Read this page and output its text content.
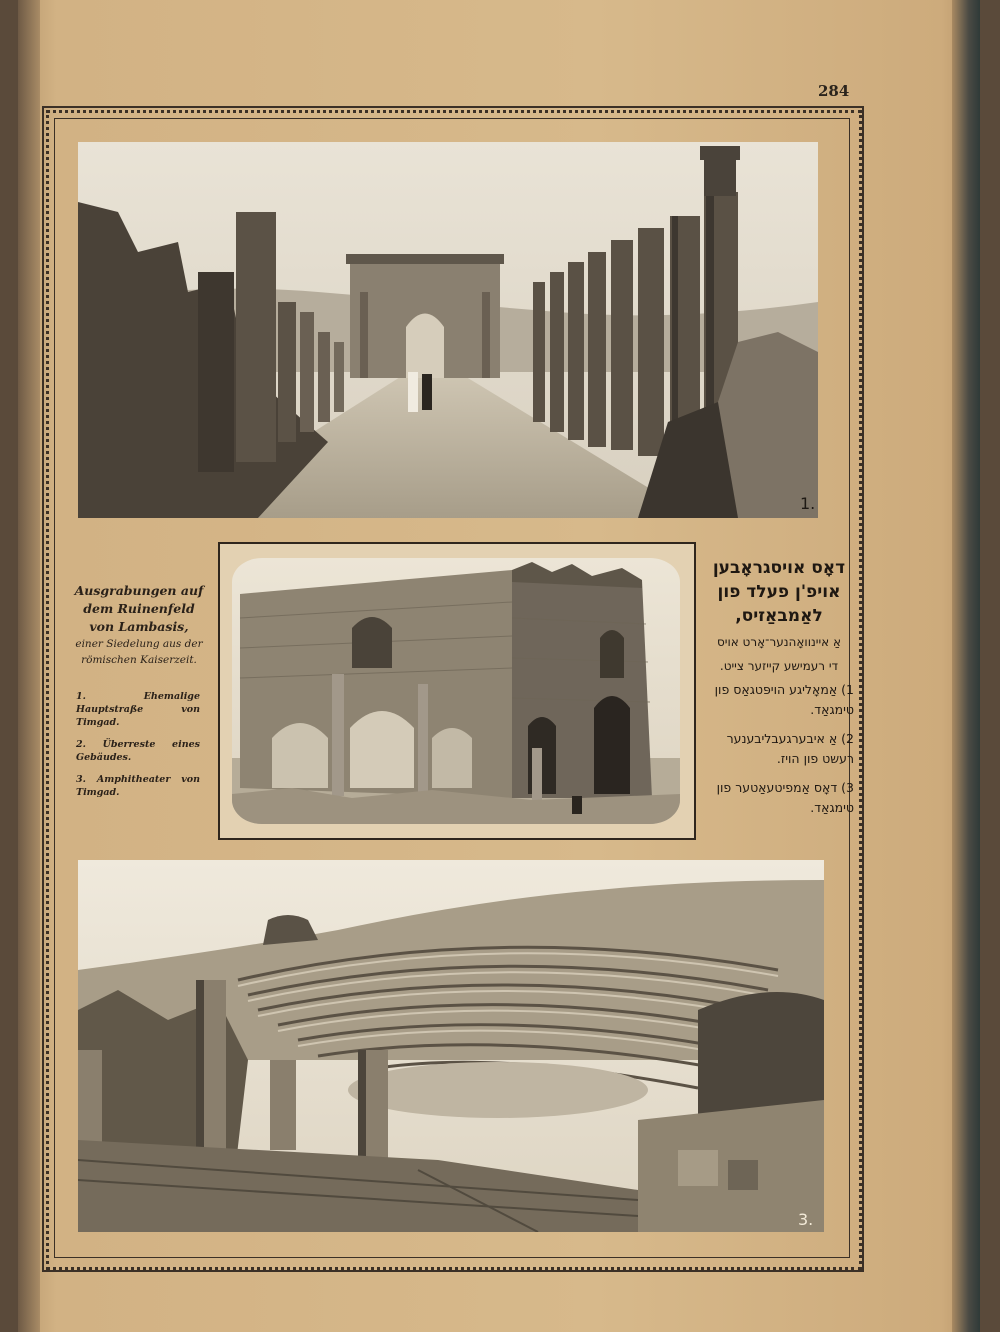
284
1.
3.
Ausgrabungen auf
dem Ruinenfeld
von Lambasis,
einer Siedelung aus der
römischen Kaiserzeit.
1. Ehemalige Hauptstraße von Timgad.
2. Überreste eines Gebäudes.
3. Amphitheater von Timgad.
דאָס אויסגראָבען
אויפ'ן פעלד פון
לאַמבאַזיס,
אַ איינוואָהנער־אָרט אויס
די רעמישע קייזער צייט.
1) אַמאָליגע הויפּטגאַס פון טימגאַד.
2) אַ איבערגעבליבענער רעשט פון הויז.
3) דאָס אַמפיטעאַטער פון טימגאַד.
